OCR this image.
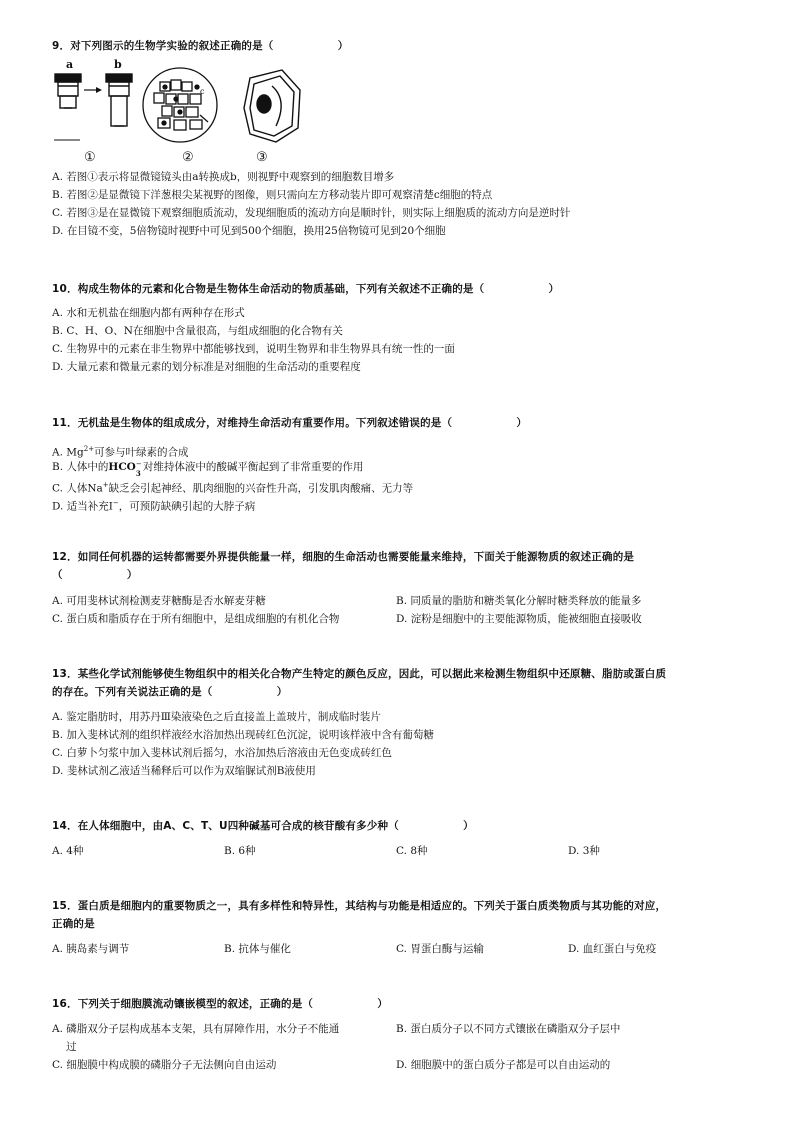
9．对下列图示的生物学实验的叙述正确的是（　　　　　　）
c
a	b
①	②	③
A. 若图①表示将显微镜镜头由a转换成b，则视野中观察到的细胞数目增多
B. 若图②是显微镜下洋葱根尖某视野的图像，则只需向左方移动装片即可观察清楚c细胞的特点
C. 若图③是在显微镜下观察细胞质流动，发现细胞质的流动方向是顺时针，则实际上细胞质的流动方向是逆时针
D. 在目镜不变，5倍物镜时视野中可见到500个细胞，换用25倍物镜可见到20个细胞
10．构成生物体的元素和化合物是生物体生命活动的物质基础，下列有关叙述不正确的是（　　　　　　）
A. 水和无机盐在细胞内都有两种存在形式
B. C、H、O、N在细胞中含量很高，与组成细胞的化合物有关
C. 生物界中的元素在非生物界中都能够找到，说明生物界和非生物界具有统一性的一面
D. 大量元素和微量元素的划分标准是对细胞的生命活动的重要程度
11．无机盐是生物体的组成成分，对维持生命活动有重要作用。下列叙述错误的是（　　　　　　）
A. $Mg^{2+}$可参与叶绿素的合成
B. 人体中的HCO −
3
对维持体液中的酸碱平衡起到了非常重要的作用
C. 人体Na+缺乏会引起神经、肌肉细胞的兴奋性升高，引发肌肉酸痛、无力等
D. 适当补充I−，可预防缺碘引起的大脖子病
12．如同任何机器的运转都需要外界提供能量一样，细胞的生命活动也需要能量来维持，下面关于能源物质的叙述正确的是
（　　　　　　）
A. 可用斐林试剂检测麦芽糖酶是否水解麦芽糖	B. 同质量的脂肪和糖类氧化分解时糖类释放的能量多
C. 蛋白质和脂质存在于所有细胞中，是组成细胞的有机化合物	D. 淀粉是细胞中的主要能源物质，能被细胞直接吸收
13．某些化学试剂能够使生物组织中的相关化合物产生特定的颜色反应，因此，可以据此来检测生物组织中还原糖、脂肪或蛋白质
的存在。下列有关说法正确的是（　　　　　　）
A. 鉴定脂肪时，用苏丹Ⅲ染液染色之后直接盖上盖玻片，制成临时装片
B. 加入斐林试剂的组织样液经水浴加热出现砖红色沉淀，说明该样液中含有葡萄糖
C. 白萝卜匀浆中加入斐林试剂后摇匀，水浴加热后溶液由无色变成砖红色
D. 斐林试剂乙液适当稀释后可以作为双缩脲试剂B液使用
14．在人体细胞中，由A、C、T、U四种碱基可合成的核苷酸有多少种（　　　　　　）
A. 4种	B. 6种	C. 8种	D. 3种
15．蛋白质是细胞内的重要物质之一，具有多样性和特异性，其结构与功能是相适应的。下列关于蛋白质类物质与其功能的对应，
正确的是
A. 胰岛素与调节	B. 抗体与催化	C. 胃蛋白酶与运输	D. 血红蛋白与免疫
16．下列关于细胞膜流动镶嵌模型的叙述，正确的是（　　　　　　）
A. 磷脂双分子层构成基本支架，具有屏障作用，水分子不能通
过
B. 蛋白质分子以不同方式镶嵌在磷脂双分子层中
C. 细胞膜中构成膜的磷脂分子无法侧向自由运动	D. 细胞膜中的蛋白质分子都是可以自由运动的
